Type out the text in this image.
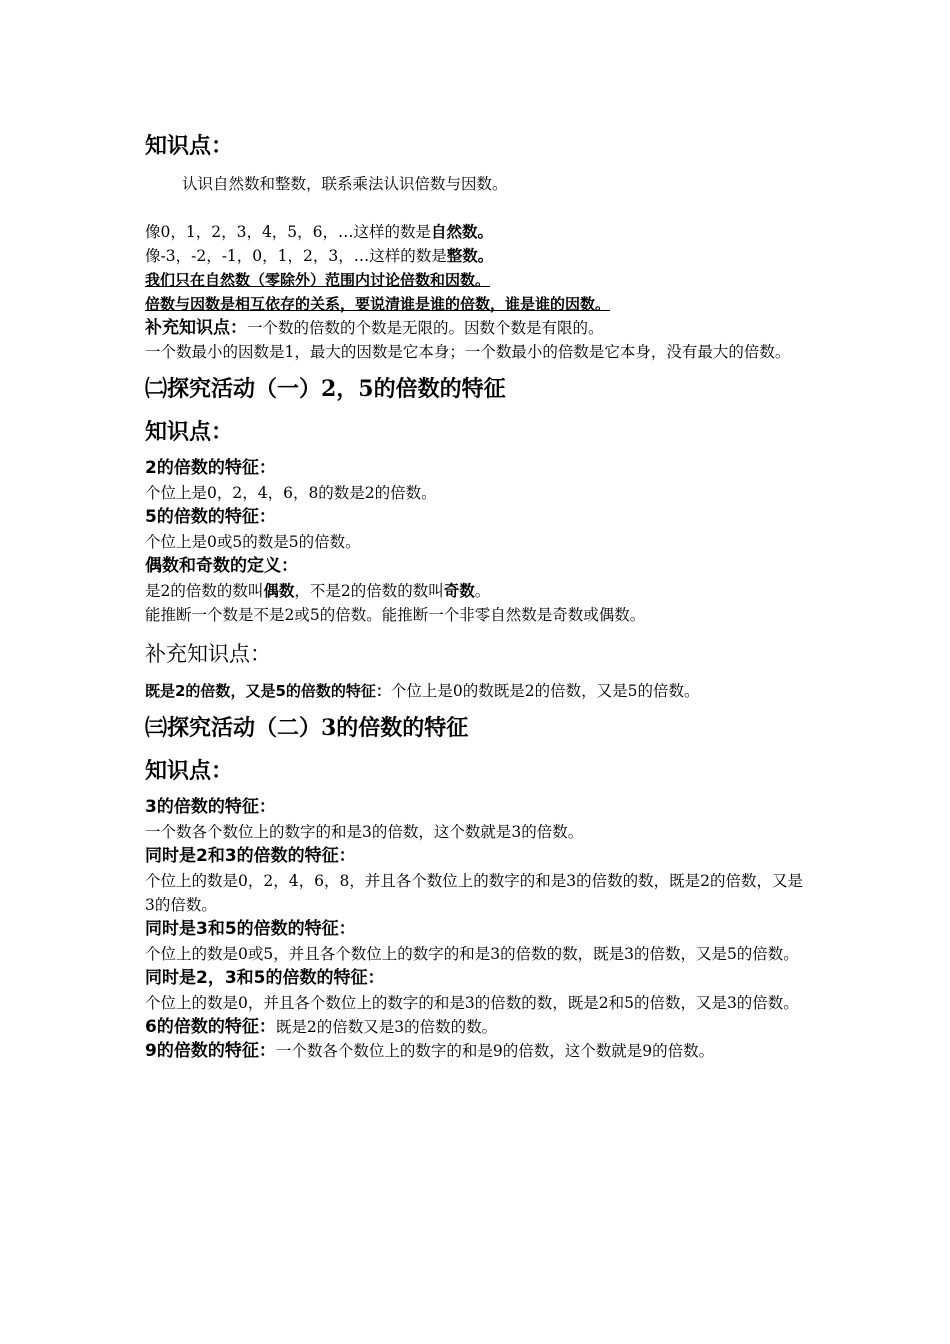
知识点：

认识自然数和整数，联系乘法认识倍数与因数。

像0，1，2，3，4，5，6，…这样的数是自然数。

像-3，-2，-1，0，1，2，3，…这样的数是整数。

我们只在自然数（零除外）范围内讨论倍数和因数。

倍数与因数是相互依存的关系，要说清谁是谁的倍数，谁是谁的因数。

补充知识点：一个数的倍数的个数是无限的。因数个数是有限的。

一个数最小的因数是1，最大的因数是它本身；一个数最小的倍数是它本身，没有最大的倍数。

㈡探究活动（一）2，5的倍数的特征
知识点：

2的倍数的特征：

个位上是0，2，4，6，8的数是2的倍数。

5的倍数的特征：

个位上是0或5的数是5的倍数。

偶数和奇数的定义：

是2的倍数的数叫偶数，不是2的倍数的数叫奇数。

能推断一个数是不是2或5的倍数。能推断一个非零自然数是奇数或偶数。

补充知识点：

既是2的倍数，又是5的倍数的特征：个位上是0的数既是2的倍数，又是5的倍数。

㈢探究活动（二）3的倍数的特征
知识点：

3的倍数的特征：

一个数各个数位上的数字的和是3的倍数，这个数就是3的倍数。

同时是2和3的倍数的特征：

个位上的数是0，2，4，6，8，并且各个数位上的数字的和是3的倍数的数，既是2的倍数，又是3的倍数。

同时是3和5的倍数的特征：

个位上的数是0或5，并且各个数位上的数字的和是3的倍数的数，既是3的倍数，又是5的倍数。

同时是2，3和5的倍数的特征：

个位上的数是0，并且各个数位上的数字的和是3的倍数的数，既是2和5的倍数，又是3的倍数。

6的倍数的特征：既是2的倍数又是3的倍数的数。

9的倍数的特征：一个数各个数位上的数字的和是9的倍数，这个数就是9的倍数。
